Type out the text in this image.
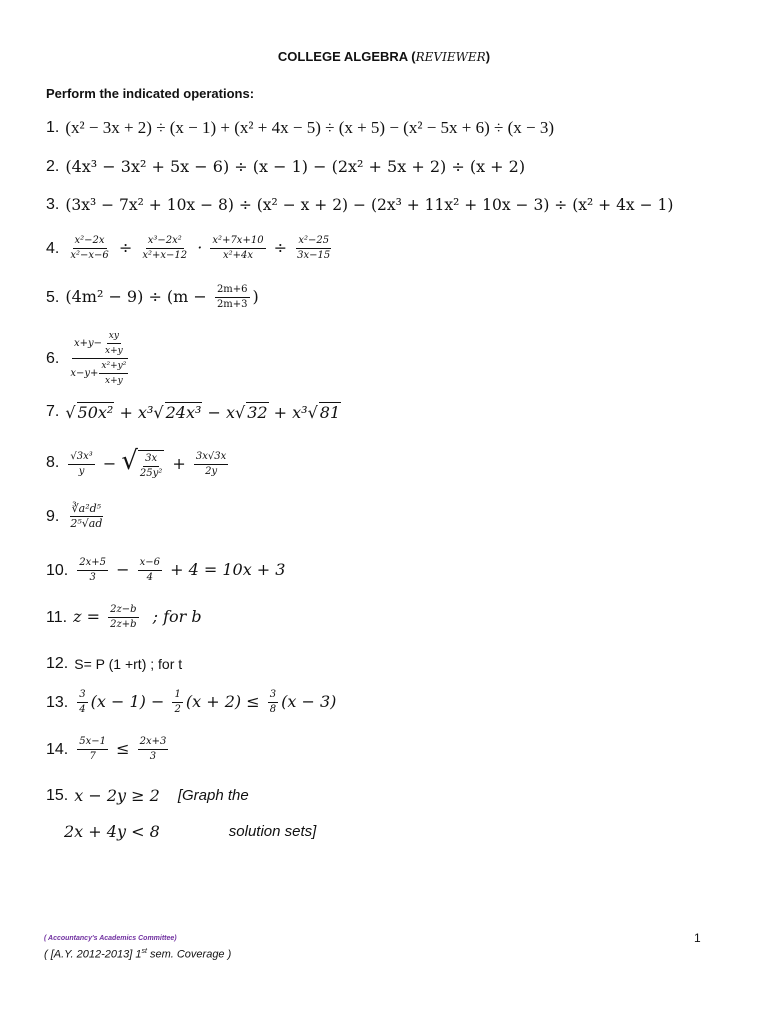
COLLEGE ALGEBRA (REVIEWER)
Perform the indicated operations:
1. (x² − 3x + 2) ÷ (x − 1) + (x² + 4x − 5) ÷ (x + 5) − (x² − 5x + 6) ÷ (x − 3)
2. (4x³ − 3x² + 5x − 6) ÷ (x − 1) − (2x² + 5x + 2) ÷ (x + 2)
3. (3x³ − 7x² + 10x − 8) ÷ (x² − x + 2) − (2x³ + 11x² + 10x − 3) ÷ (x² + 4x − 1)
4. $\frac{\text{x²−2x}}{\text{x²−x−6}} \div \frac{\text{x³−2x²}}{\text{x²+x−12}} \cdot \frac{\text{x²+7x+10}}{\text{x²+4x}} \div \frac{\text{x²−25}}{3x-15}$
5. $(4m^2 - 9) \div (m - \frac{2m+6}{2m+3}$ )
6. $\frac{x+y- \frac{xy}{x+y}}{x-y+ \frac{\text{x²+y²}}{x+y}}$
7. √ 50x² + x³√ 24x³ − x√ 32 + x³√ 81
8. $\frac{\text{√3x³}}{y}$ − √ $\frac{3x}{\text{25y²}} + \frac{3x√3x}{2y}$
9. $\frac{\text{∛a²d⁵}}{\text{2⁵√ad}}$
10. $\frac{2x+5}{3} - \frac{x-6}{4} + 4 = 10x + 3$
11. $z = \frac{2z-b}{2z+b}$ ; for b
12. S= P (1 +rt) ; for t
13. $\frac{3}{4} (x - 1) - \frac{1}{2} (x + 2) \le \frac{3}{8} (x - 3)$
14. $\frac{5x-1}{7} \le \frac{2x+3}{3}$
15. x − 2y ≥ 2 [Graph the
2x + 4y < 8	solution sets]
( Accountancy's Academics Committee)
( [A.Y. 2012-2013] 1st sem. Coverage )
1
